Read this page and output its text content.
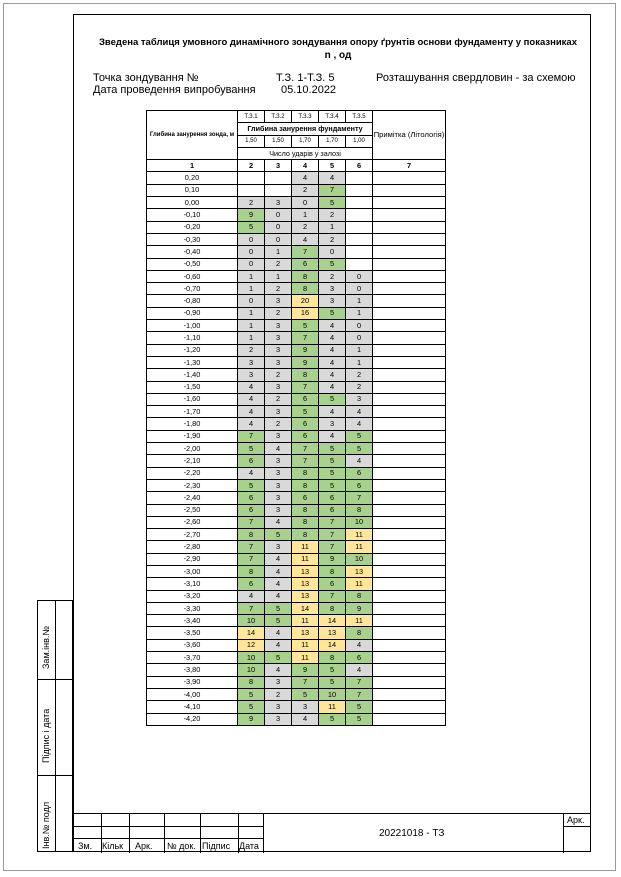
Зам.інв.№
Підпис і дата
Інв.№ подл
Зведена таблиця умовного динамічного зондування опору ґрунтів основи фундаменту у показниках
n , од
Точка зондування №	Т.З. 1-Т.З. 5	Розташування свердловин - за схемою
Дата проведення випробування 05.10.2022
Глибина занурення зонда, м	Т.З.1	Т.З.2	Т.З.3	Т.З.4	Т.З.5	Примітка (Літологія)
	Глибина занурення фундаменту					
	1,50	1,50	1,70	1,70	1,00	
	Число ударів у залозі					
1	2	3	4	5	6	7
0,20			4	4		
0,10			2	7		
0,00	2	3	0	5		
-0,10	9	0	1	2		
-0,20	5	0	2	1		
-0,30	0	0	4	2		
-0,40	0	1	7	0		
-0,50	0	2	6	5		
-0,60	1	1	8	2	0	
-0,70	1	2	8	3	0	
-0,80	0	3	20	3	1	
-0,90	1	2	16	5	1	
-1,00	1	3	5	4	0	
-1,10	1	3	7	4	0	
-1,20	2	3	9	4	1	
-1,30	3	3	9	4	1	
-1,40	3	2	8	4	2	
-1,50	4	3	7	4	2	
-1,60	4	2	6	5	3	
-1,70	4	3	5	4	4	
-1,80	4	2	6	3	4	
-1,90	7	3	6	4	5	
-2,00	5	4	7	5	5	
-2,10	6	3	7	5	4	
-2,20	4	3	8	5	6	
-2,30	5	3	8	5	6	
-2,40	6	3	6	6	7	
-2,50	6	3	8	6	8	
-2,60	7	4	8	7	10	
-2,70	8	5	8	7	11	
-2,80	7	3	11	7	11	
-2,90	7	4	11	9	10	
-3,00	8	4	13	8	13	
-3,10	6	4	13	6	11	
-3,20	4	4	13	7	8	
-3,30	7	5	14	8	9	
-3,40	10	5	11	14	11	
-3,50	14	4	13	13	8	
-3,60	12	4	11	14	4	
-3,70	10	5	11	8	6	
-3,80	10	4	9	5	4	
-3,90	8	3	7	5	7	
-4,00	5	2	5	10	7	
-4,10	5	3	3	11	5	
-4,20	9	3	4	5	5	
Зм. Кільк Арк. № док. Підпис Дата
20221018 - ТЗ
Арк.
